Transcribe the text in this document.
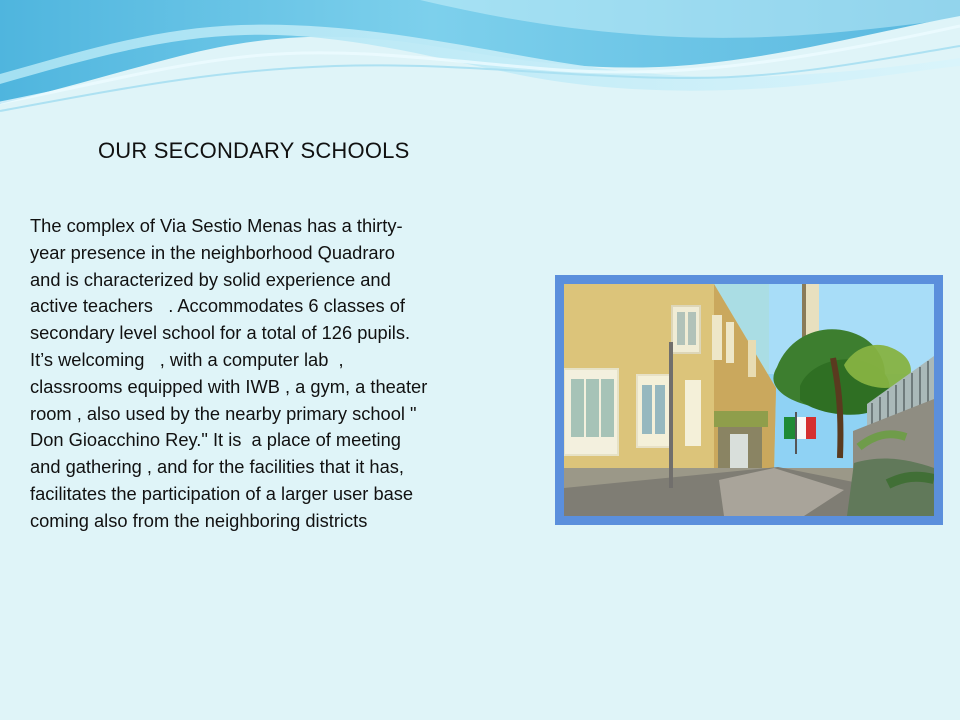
OUR SECONDARY SCHOOLS
The complex of Via Sestio Menas has a thirty-
year presence in the neighborhood Quadraro
and is characterized by solid experience and
active teachers   . Accommodates 6 classes of
secondary level school for a total of 126 pupils.
It’s welcoming   , with a computer lab  ,
classrooms equipped with IWB , a gym, a theater
room , also used by the nearby primary school "
Don Gioacchino Rey." It is  a place of meeting
and gathering , and for the facilities that it has,
facilitates the participation of a larger user base
coming also from the neighboring districts
